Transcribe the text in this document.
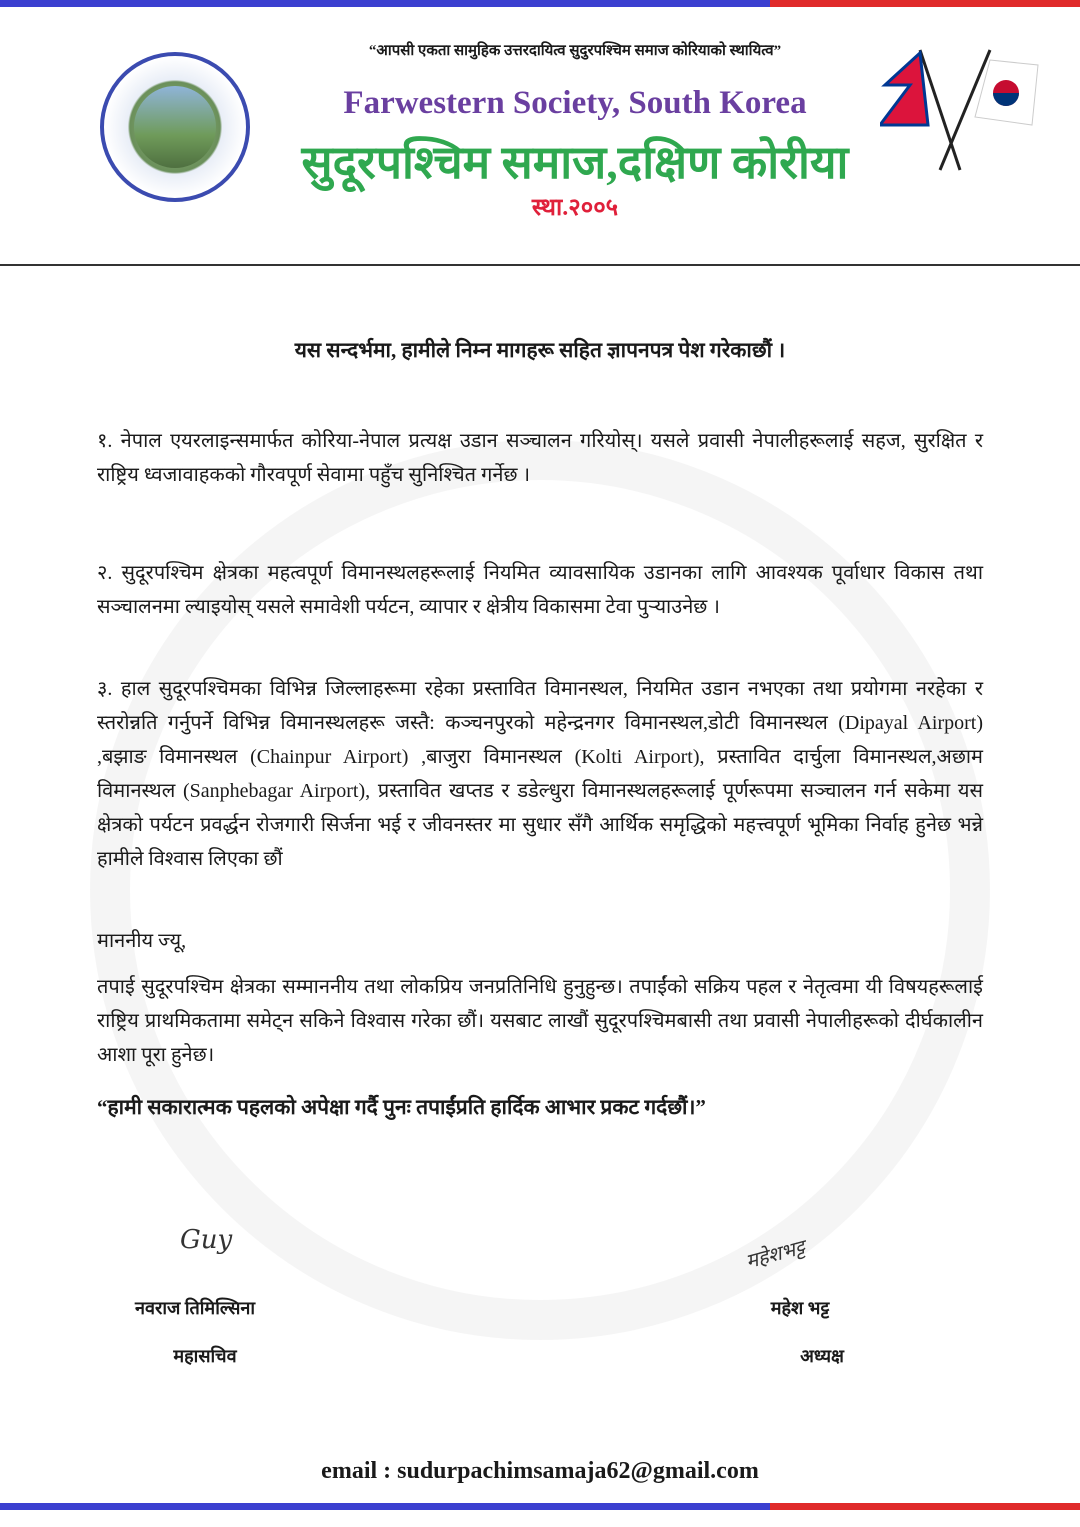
“आपसी एकता सामुहिक उत्तरदायित्व सुदुरपश्चिम समाज कोरियाको स्थायित्व”
Farwestern Society, South Korea
सुदूरपश्चिम समाज,दक्षिण कोरीया
स्था.२००५
यस सन्दर्भमा, हामीले निम्न मागहरू सहित ज्ञापनपत्र पेश गरेकाछौं ।
१. नेपाल एयरलाइन्समार्फत कोरिया-नेपाल प्रत्यक्ष उडान सञ्चालन गरियोस्। यसले प्रवासी नेपालीहरूलाई सहज, सुरक्षित र राष्ट्रिय ध्वजावाहकको गौरवपूर्ण सेवामा पहुँच सुनिश्चित गर्नेछ ।
२. सुदूरपश्चिम क्षेत्रका महत्वपूर्ण विमानस्थलहरूलाई नियमित व्यावसायिक उडानका लागि आवश्यक पूर्वाधार विकास तथा सञ्चालनमा ल्याइयोस् यसले समावेशी पर्यटन, व्यापार र क्षेत्रीय विकासमा टेवा पुऱ्याउनेछ ।
३. हाल सुदूरपश्चिमका विभिन्न जिल्लाहरूमा रहेका प्रस्तावित विमानस्थल, नियमित उडान नभएका तथा प्रयोगमा नरहेका र स्तरोन्नति गर्नुपर्ने विभिन्न विमानस्थलहरू जस्तै: कञ्चनपुरको महेन्द्रनगर विमानस्थल,डोटी विमानस्थल (Dipayal Airport) ,बझाङ विमानस्थल (Chainpur Airport) ,बाजुरा विमानस्थल (Kolti Airport), प्रस्तावित दार्चुला विमानस्थल,अछाम विमानस्थल (Sanphebagar Airport), प्रस्तावित खप्तड र डडेल्धुरा विमानस्थलहरूलाई पूर्णरूपमा सञ्चालन गर्न सकेमा यस क्षेत्रको पर्यटन प्रवर्द्धन रोजगारी सिर्जना भई र जीवनस्तर मा सुधार सँगै आर्थिक समृद्धिको महत्त्वपूर्ण भूमिका निर्वाह हुनेछ भन्ने हामीले विश्वास लिएका छौं
माननीय ज्यू,
तपाई सुदूरपश्चिम क्षेत्रका सम्माननीय तथा लोकप्रिय जनप्रतिनिधि हुनुहुन्छ। तपाईंको सक्रिय पहल र नेतृत्वमा यी विषयहरूलाई राष्ट्रिय प्राथमिकतामा समेट्न सकिने विश्वास गरेका छौं। यसबाट लाखौं सुदूरपश्चिमबासी तथा प्रवासी नेपालीहरूको दीर्घकालीन आशा पूरा हुनेछ।
“हामी सकारात्मक पहलको अपेक्षा गर्दै पुनः तपाईंप्रति हार्दिक आभार प्रकट गर्दछौं।”
Guy
नवराज तिमिल्सिना
महासचिव
महेशभट्ट
महेश भट्ट
अध्यक्ष
email : sudurpachimsamaja62@gmail.com
